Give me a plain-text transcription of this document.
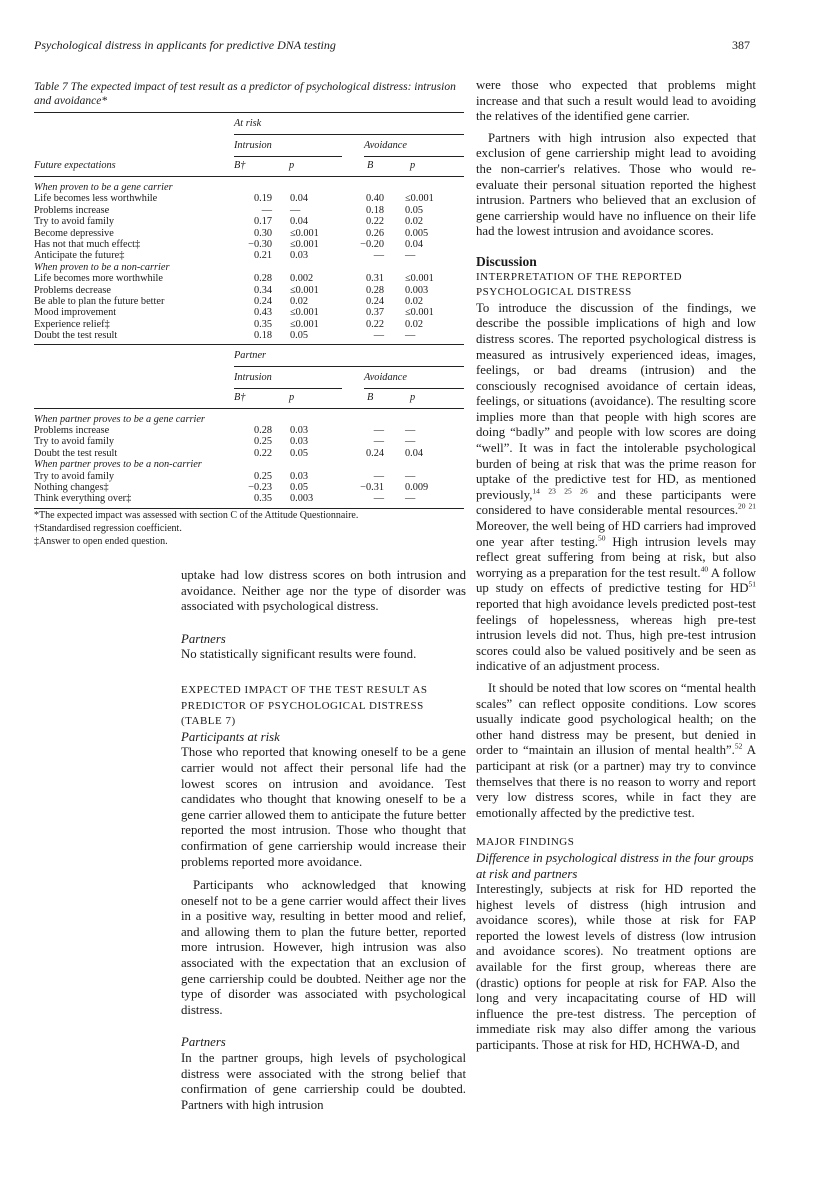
Psychological distress in applicants for predictive DNA testing	387
Table 7 The expected impact of test result as a predictor of psychological distress: intrusion and avoidance*
At risk
Intrusion	Avoidance
Future expectations	B†	p	B	p
When proven to be a gene carrier
Life becomes less worthwhile	0.19 0.04	0.40 ≤0.001
Problems increase	— —	0.18 0.05
Try to avoid family	0.17 0.04	0.22 0.02
Become depressive	0.30 ≤0.001	0.26 0.005
Has not that much effect‡	−0.30 ≤0.001	−0.20 0.04
Anticipate the future‡	0.21 0.03	— —
When proven to be a non-carrier
Life becomes more worthwhile	0.28 0.002	0.31 ≤0.001
Problems decrease	0.34 ≤0.001	0.28 0.003
Be able to plan the future better	0.24 0.02	0.24 0.02
Mood improvement	0.43 ≤0.001	0.37 ≤0.001
Experience relief‡	0.35 ≤0.001	0.22 0.02
Doubt the test result	0.18 0.05	— —
Partner
Intrusion	Avoidance
B†	p	B	p
When partner proves to be a gene carrier
Problems increase	0.28 0.03	— —
Try to avoid family	0.25 0.03	— —
Doubt the test result	0.22 0.05	0.24 0.04
When partner proves to be a non-carrier
Try to avoid family	0.25 0.03	— —
Nothing changes‡	−0.23 0.05	−0.31 0.009
Think everything over‡	0.35 0.003	— —
*The expected impact was assessed with section C of the Attitude Questionnaire.
†Standardised regression coefficient.
‡Answer to open ended question.

uptake had low distress scores on both intrusion and avoidance. Neither age nor the type of disorder was associated with psychological distress.

Partners

No statistically significant results were found.

EXPECTED IMPACT OF THE TEST RESULT AS PREDICTOR OF PSYCHOLOGICAL DISTRESS (TABLE 7)
Participants at risk

Those who reported that knowing oneself to be a gene carrier would not affect their personal life had the lowest scores on intrusion and avoidance. Test candidates who thought that knowing oneself to be a gene carrier allowed them to anticipate the future better reported the most intrusion. Those who thought that confirmation of gene carriership would increase their problems reported more avoidance.

Participants who acknowledged that knowing oneself not to be a gene carrier would affect their lives in a positive way, resulting in better mood and relief, and allowing them to plan the future better, reported more intrusion. However, high intrusion was also associated with the expectation that an exclusion of gene carriership could be doubted. Neither age nor the type of disorder was associated with psychological distress.

Partners

In the partner groups, high levels of psychological distress were associated with the strong belief that confirmation of gene carriership could be doubted. Partners with high intrusion

were those who expected that problems might increase and that such a result would lead to avoiding the relatives of the identified gene carrier.

Partners with high intrusion also expected that exclusion of gene carriership might lead to avoiding the non-carrier's relatives. Those who would re-evaluate their personal situation reported the highest intrusion. Partners who believed that an exclusion of gene carriership would have no influence on their life had the lowest intrusion and avoidance scores.

Discussion
INTERPRETATION OF THE REPORTED PSYCHOLOGICAL DISTRESS

To introduce the discussion of the findings, we describe the possible implications of high and low distress scores. The reported psychological distress is measured as intrusively experienced ideas, images, feelings, or bad dreams (intrusion) and the consciously recognised avoidance of certain ideas, feelings, or situations (avoidance). The resulting score implies more than that people with high scores are doing “badly” and people with low scores are doing “well”. It was in fact the intolerable psychological burden of being at risk that was the prime reason for uptake of the predictive test for HD, as mentioned previously,$^{14 23 25 26}$ and these participants were considered to have considerable mental resources.$^{20 21}$ Moreover, the well being of HD carriers had improved one year after testing.$^{50}$ High intrusion levels may reflect great suffering from being at risk, but also worrying as a preparation for the test result.$^{40}$ A follow up study on effects of predictive testing for HD$^{51}$ reported that high avoidance levels predicted post-test feelings of hopelessness, whereas high pre-test intrusion levels did not. Thus, high pre-test intrusion scores could also be valued positively and be seen as indicative of an adjustment process.

It should be noted that low scores on “mental health scales” can reflect opposite conditions. Low scores usually indicate good psychological health; on the other hand distress may be present, but denied in order to “maintain an illusion of mental health”.$^{52}$ A participant at risk (or a partner) may try to convince themselves that there is no reason to worry and report very low distress scores, while in fact they are emotionally affected by the predictive test.

MAJOR FINDINGS
Difference in psychological distress in the four groups at risk and partners

Interestingly, subjects at risk for HD reported the highest levels of distress (high intrusion and avoidance scores), while those at risk for FAP reported the lowest levels of distress (low intrusion and avoidance scores). No treatment options are available for the first group, whereas there are (drastic) options for people at risk for FAP. Also the long and very incapacitating course of HD will influence the pre-test distress. The perception of immediate risk may also differ among the various participants. Those at risk for HD, HCHWA-D, and
